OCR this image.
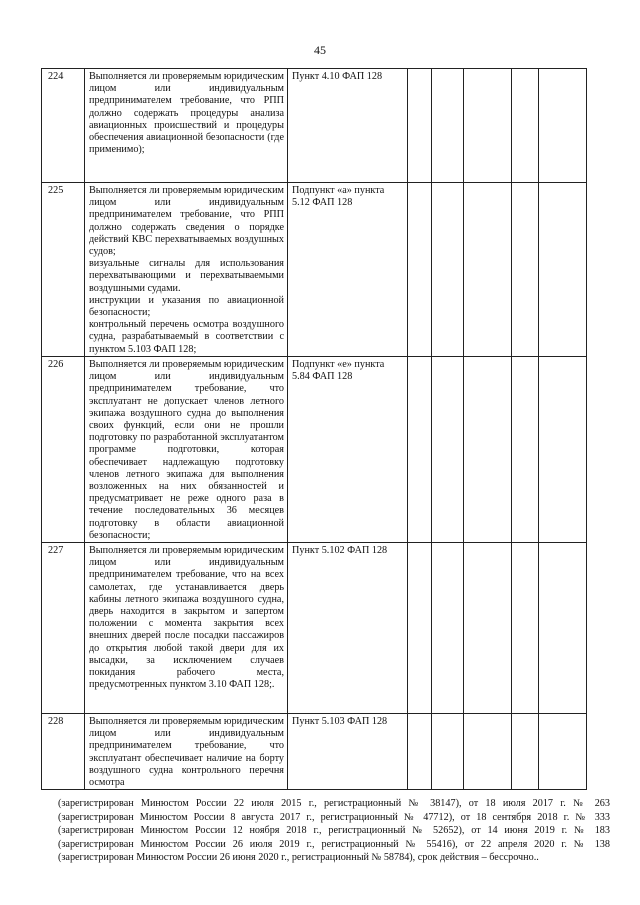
45
224	Выполняется ли проверяемым юридическим лицом или индивидуальным предпринимателем требование, что РПП должно содержать процедуры анализа авиационных происшествий и процедуры обеспечения авиационной безопасности (где применимо);	Пункт 4.10 ФАП 128					
225	Выполняется ли проверяемым юридическим лицом или индивидуальным предпринимателем требование, что РПП должно содержать сведения о порядке действий КВС перехватываемых воздушных судов;
визуальные сигналы для использования перехватывающими и перехватываемыми воздушными судами.
инструкции и указания по авиационной безопасности;
контрольный перечень осмотра воздушного судна, разрабатываемый в соответствии с пунктом 5.103 ФАП 128;	Подпункт «а» пункта 5.12 ФАП 128					
226	Выполняется ли проверяемым юридическим лицом или индивидуальным предпринимателем требование, что эксплуатант не допускает членов летного экипажа воздушного судна до выполнения своих функций, если они не прошли подготовку по разработанной эксплуатантом программе подготовки, которая обеспечивает надлежащую подготовку членов летного экипажа для выполнения возложенных на них обязанностей и предусматривает не реже одного раза в течение последовательных 36 месяцев подготовку в области авиационной безопасности;	Подпункт «е» пункта 5.84 ФАП 128					
227	Выполняется ли проверяемым юридическим лицом или индивидуальным предпринимателем требование, что на всех самолетах, где устанавливается дверь кабины летного экипажа воздушного судна, дверь находится в закрытом и запертом положении с момента закрытия всех внешних дверей после посадки пассажиров до открытия любой такой двери для их высадки, за исключением случаев покидания рабочего места, предусмотренных пунктом 3.10 ФАП 128;.	Пункт 5.102 ФАП 128					
228	Выполняется ли проверяемым юридическим лицом или индивидуальным предпринимателем требование, что эксплуатант обеспечивает наличие на борту воздушного судна контрольного перечня осмотра	Пункт 5.103 ФАП 128					
(зарегистрирован Минюстом России 22 июля 2015 г., регистрационный № 38147), от 18 июля 2017 г. № 263
(зарегистрирован Минюстом России 8 августа 2017 г., регистрационный № 47712), от 18 сентября 2018 г. № 333
(зарегистрирован Минюстом России 12 ноября 2018 г., регистрационный № 52652), от 14 июня 2019 г. № 183
(зарегистрирован Минюстом России 26 июля 2019 г., регистрационный № 55416), от 22 апреля 2020 г. № 138
(зарегистрирован Минюстом России 26 июня 2020 г., регистрационный № 58784), срок действия – бессрочно..
